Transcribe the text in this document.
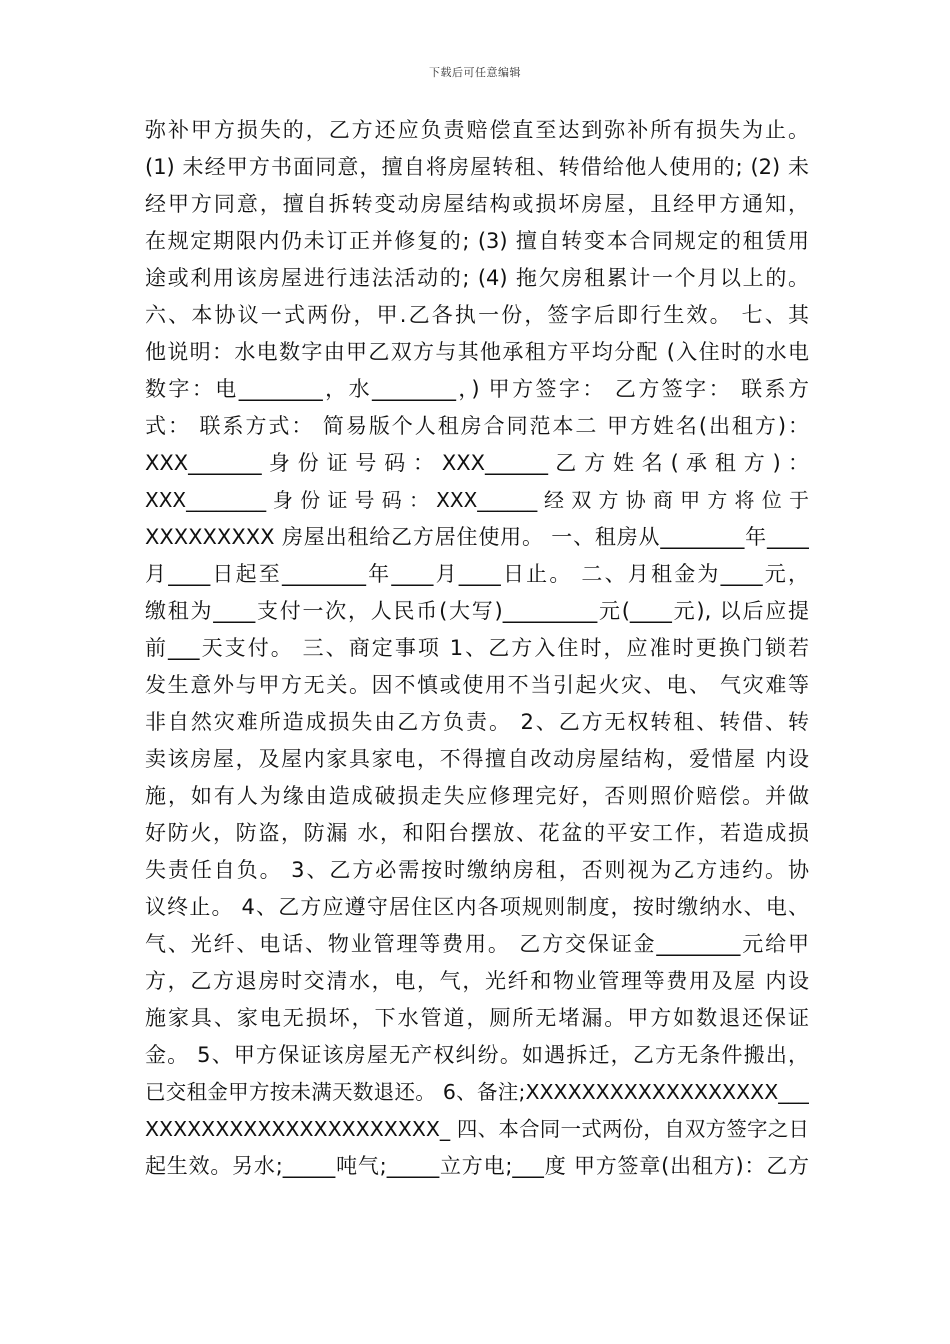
下载后可任意编辑
弥补甲方损失的，乙方还应负责赔偿直至达到弥补所有损失为止。
(1) 未经甲方书面同意，擅自将房屋转租、转借给他人使用的; (2) 未
经甲方同意，擅自拆转变动房屋结构或损坏房屋，且经甲方通知，
在规定期限内仍未订正并修复的; (3) 擅自转变本合同规定的租赁用
途或利用该房屋进行违法活动的; (4) 拖欠房租累计一个月以上的。
六、本协议一式两份，甲.乙各执一份，签字后即行生效。 七、其
他说明：水电数字由甲乙双方与其他承租方平均分配 (入住时的水电
数字：电________，水________，) 甲方签字： 乙方签字： 联系方
式： 联系方式： 简易版个人租房合同范本二 甲方姓名(出租方)：
XXX_______ 身 份 证 号 码 ： XXX______ 乙 方 姓 名 ( 承 租 方 ) ：
XXX________ 身 份 证 号 码 ： XXX______ 经 双 方 协 商 甲 方 将 位 于
XXXXXXXXX 房屋出租给乙方居住使用。 一、租房从________年____
月____日起至________年____月____日止。 二、月租金为____元，
缴租为____支付一次，人民币(大写)_________元(____元), 以后应提
前___天支付。 三、商定事项 1、乙方入住时，应准时更换门锁若
发生意外与甲方无关。因不慎或使用不当引起火灾、电、 气灾难等
非自然灾难所造成损失由乙方负责。 2、乙方无权转租、转借、转
卖该房屋，及屋内家具家电，不得擅自改动房屋结构，爱惜屋 内设
施，如有人为缘由造成破损走失应修理完好，否则照价赔偿。并做
好防火，防盗，防漏 水，和阳台摆放、花盆的平安工作，若造成损
失责任自负。 3、乙方必需按时缴纳房租，否则视为乙方违约。协
议终止。 4、乙方应遵守居住区内各项规则制度，按时缴纳水、电、
气、光纤、电话、物业管理等费用。 乙方交保证金________元给甲
方，乙方退房时交清水，电，气，光纤和物业管理等费用及屋 内设
施家具、家电无损坏，下水管道，厕所无堵漏。甲方如数退还保证
金。 5、甲方保证该房屋无产权纠纷。如遇拆迁，乙方无条件搬出，
已交租金甲方按未满天数退还。 6、备注;XXXXXXXXXXXXXXXXXX___
XXXXXXXXXXXXXXXXXXXXX_ 四、本合同一式两份，自双方签字之日
起生效。另水;_____吨气;_____立方电;___度 甲方签章(出租方)：乙方
